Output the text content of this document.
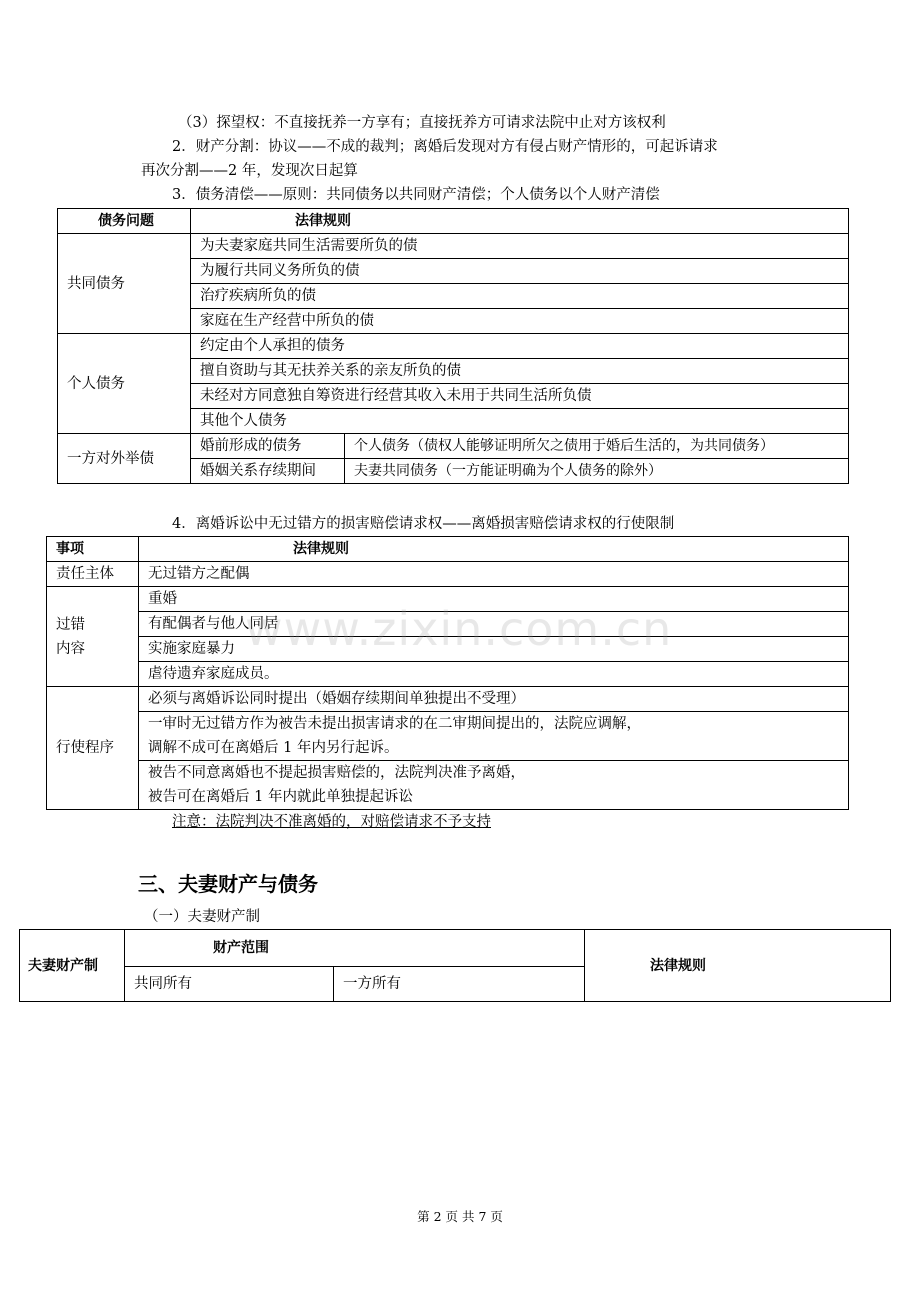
（3）探望权：不直接抚养一方享有；直接抚养方可请求法院中止对方该权利
2．财产分割：协议——不成的裁判；离婚后发现对方有侵占财产情形的，可起诉请求
再次分割——2 年，发现次日起算
3．债务清偿——原则：共同债务以共同财产清偿；个人债务以个人财产清偿
债务问题	法律规则	
共同债务	为夫妻家庭共同生活需要所负的债	
	为履行共同义务所负的债	
	治疗疾病所负的债	
	家庭在生产经营中所负的债	
个人债务	约定由个人承担的债务	
	擅自资助与其无扶养关系的亲友所负的债	
	未经对方同意独自筹资进行经营其收入未用于共同生活所负债	
	其他个人债务	
一方对外举债	婚前形成的债务	个人债务（债权人能够证明所欠之债用于婚后生活的，为共同债务）
	婚姻关系存续期间	夫妻共同债务（一方能证明确为个人债务的除外）
4．离婚诉讼中无过错方的损害赔偿请求权——离婚损害赔偿请求权的行使限制
事项	法律规则
责任主体	无过错方之配偶

过错
内容	重婚
	有配偶者与他人同居
	实施家庭暴力
	虐待遗弃家庭成员。
行使程序	必须与离婚诉讼同时提出（婚姻存续期间单独提出不受理）

	一审时无过错方作为被告未提出损害请求的在二审期间提出的，法院应调解，
调解不成可在离婚后 1 年内另行起诉。

	被告不同意离婚也不提起损害赔偿的，法院判决准予离婚，
被告可在离婚后 1 年内就此单独提起诉讼
注意：法院判决不准离婚的，对赔偿请求不予支持
www.zixin.com.cn
三、夫妻财产与债务
（一）夫妻财产制
夫妻财产制	财产范围		法律规则
	共同所有	一方所有	
第 2 页 共 7 页
